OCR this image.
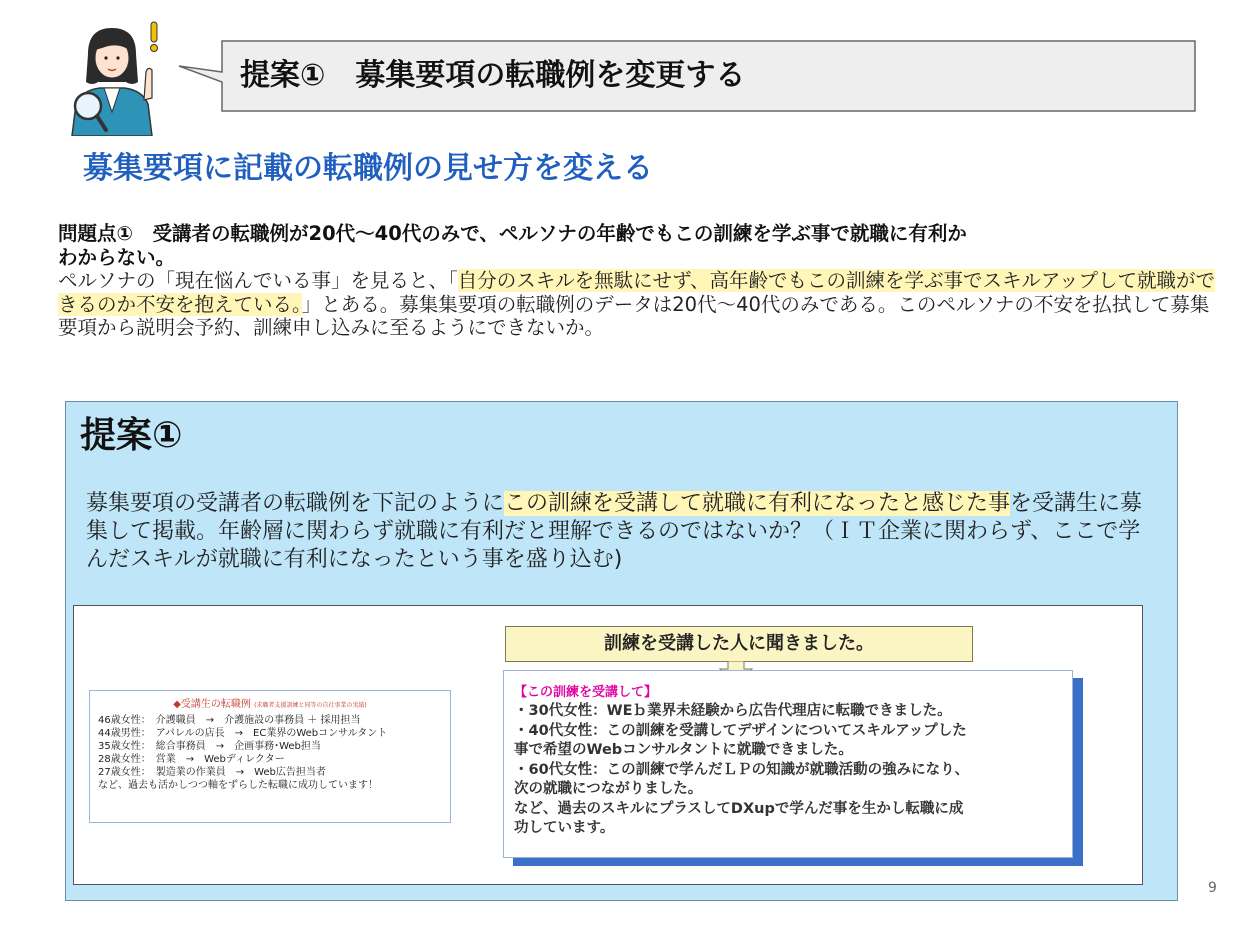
提案①　募集要項の転職例を変更する
募集要項に記載の転職例の見せ方を変える
問題点①　受講者の転職例が20代～40代のみで、ペルソナの年齢でもこの訓練を学ぶ事で就職に有利か
わからない。
ペルソナの「現在悩んでいる事」を見ると、「自分のスキルを無駄にせず、高年齢でもこの訓練を学ぶ事でスキルアップして就職ができるのか不安を抱えている。」とある。募集集要項の転職例のデータは20代～40代のみである。このペルソナの不安を払拭して募集要項から説明会予約、訓練申し込みに至るようにできないか。
提案①
募集要項の受講者の転職例を下記のようにこの訓練を受講して就職に有利になったと感じた事を受講生に募集して掲載。年齢層に関わらず就職に有利だと理解できるのではないか？（ＩＴ企業に関わらず、ここで学んだスキルが就職に有利になったという事を盛り込む)
◆受講生の転職例 (求職者支援訓練と同等の自社事業の実績)
46歳女性：　介護職員　→　介護施設の事務員 ＋ 採用担当
44歳男性：　アパレルの店長　→　EC業界のWebコンサルタント
35歳女性：　総合事務員　→　企画事務･Web担当
28歳女性：　営業　→　Webディレクター
27歳女性：　製造業の作業員　→　Web広告担当者
など、過去も活かしつつ軸をずらした転職に成功しています！
訓練を受講した人に聞きました。
【この訓練を受講して】
・30代女性：WEｂ業界未経験から広告代理店に転職できました。
・40代女性：この訓練を受講してデザインについてスキルアップした
事で希望のWebコンサルタントに就職できました。
・60代女性：この訓練で学んだＬＰの知識が就職活動の強みになり、
次の就職につながりました。
など、過去のスキルにプラスしてDXupで学んだ事を生かし転職に成
功しています。
9
